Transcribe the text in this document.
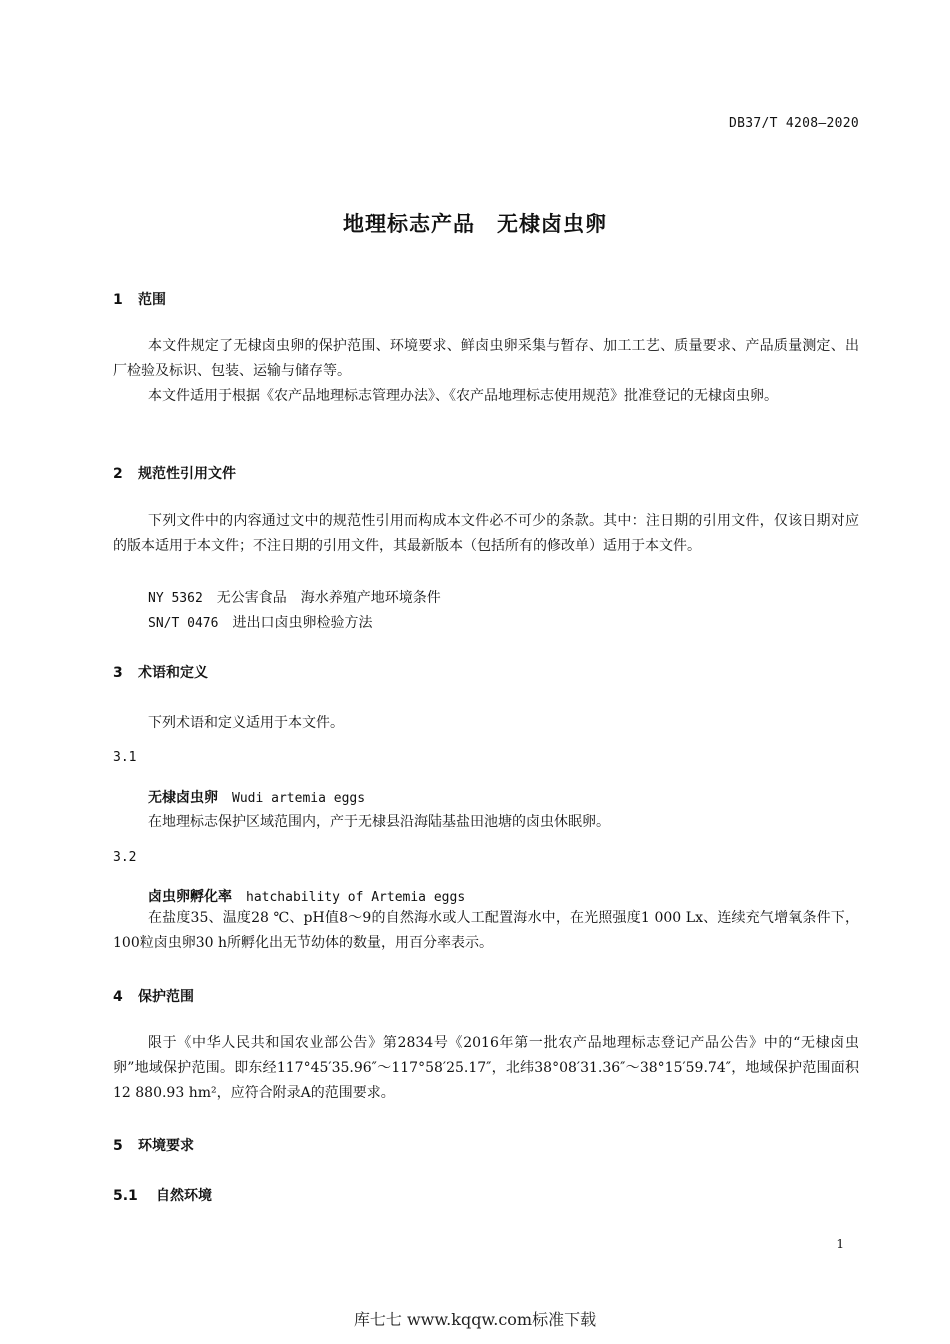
DB37/T 4208—2020
地理标志产品　无棣卤虫卵
1 范围
本文件规定了无棣卤虫卵的保护范围、环境要求、鲜卤虫卵采集与暂存、加工工艺、质量要求、产品质量测定、出厂检验及标识、包装、运输与储存等。
本文件适用于根据《农产品地理标志管理办法》、《农产品地理标志使用规范》批准登记的无棣卤虫卵。
2 规范性引用文件
下列文件中的内容通过文中的规范性引用而构成本文件必不可少的条款。其中：注日期的引用文件，仅该日期对应的版本适用于本文件；不注日期的引用文件，其最新版本（包括所有的修改单）适用于本文件。
NY 5362　 无公害食品　海水养殖产地环境条件
SN/T 0476　 进出口卤虫卵检验方法
3 术语和定义
下列术语和定义适用于本文件。
3.1
无棣卤虫卵　 Wudi artemia eggs
在地理标志保护区域范围内，产于无棣县沿海陆基盐田池塘的卤虫休眠卵。
3.2
卤虫卵孵化率　 hatchability of Artemia eggs
在盐度35、温度28 ℃、pH值8～9的自然海水或人工配置海水中，在光照强度1 000 Lx、连续充气增氧条件下，100粒卤虫卵30 h所孵化出无节幼体的数量，用百分率表示。
4 保护范围
限于《中华人民共和国农业部公告》第2834号《2016年第一批农产品地理标志登记产品公告》中的“无棣卤虫卵”地域保护范围。即东经117°45′35.96″～117°58′25.17″，北纬38°08′31.36″～38°15′59.74″，地域保护范围面积12 880.93 hm²，应符合附录A的范围要求。
5 环境要求
5.1 自然环境
1
库七七 www.kqqw.com标准下载
